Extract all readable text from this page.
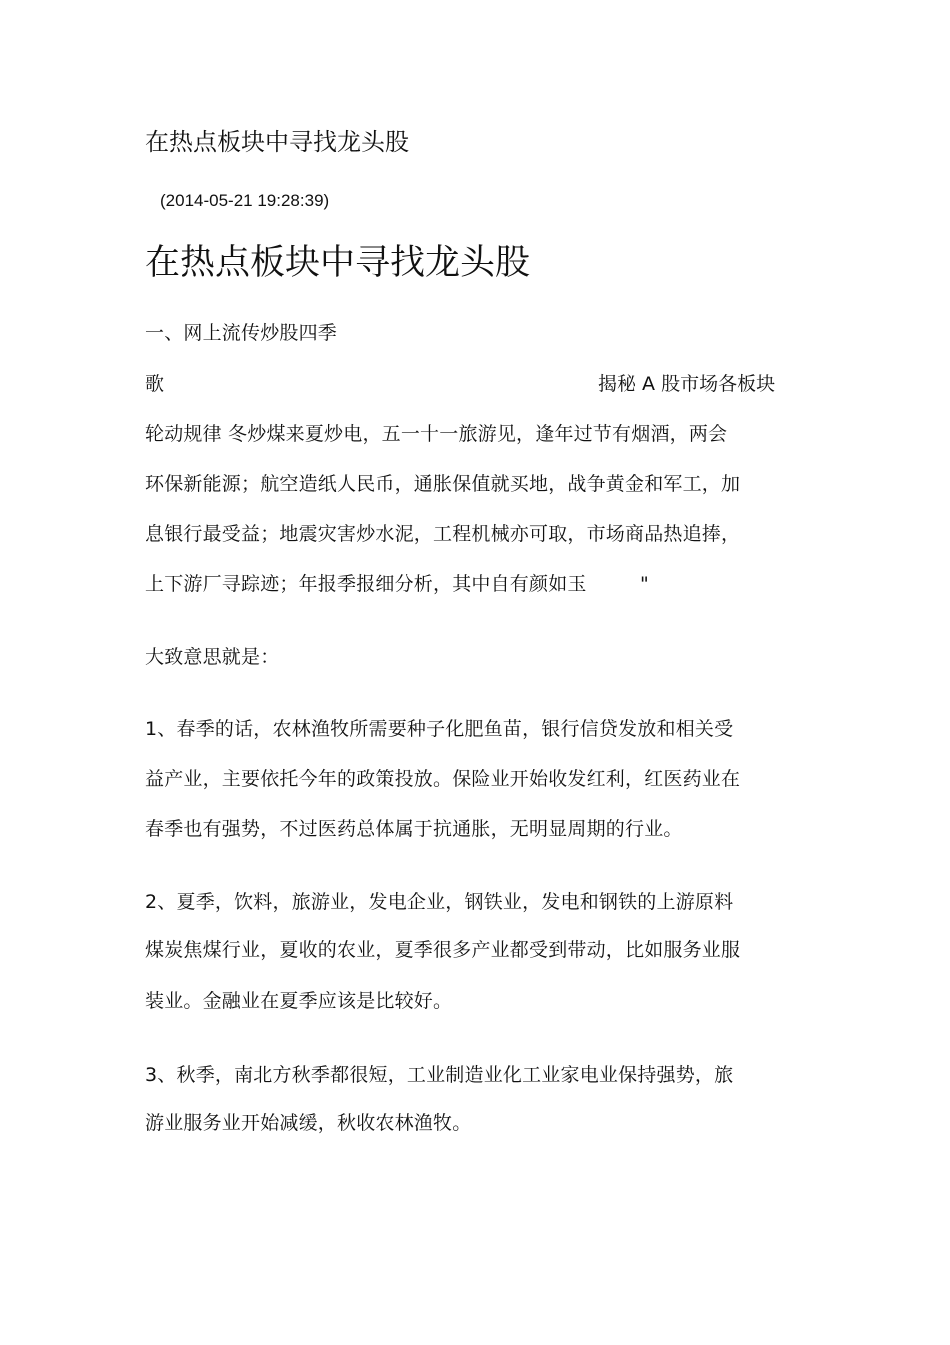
在热点板块中寻找龙头股
(2014-05-21 19:28:39)
在热点板块中寻找龙头股
一、网上流传炒股四季
歌	揭秘 A 股市场各板块
轮动规律 冬炒煤来夏炒电，五一十一旅游见，逢年过节有烟酒，两会
环保新能源；航空造纸人民币，通胀保值就买地，战争黄金和军工，加
息银行最受益；地震灾害炒水泥，工程机械亦可取，市场商品热追捧，
上下游厂寻踪迹；年报季报细分析，其中自有颜如玉	"
大致意思就是：
1、春季的话，农林渔牧所需要种子化肥鱼苗，银行信贷发放和相关受
益产业，主要依托今年的政策投放。保险业开始收发红利，红医药业在
春季也有强势，不过医药总体属于抗通胀，无明显周期的行业。
2、夏季，饮料，旅游业，发电企业，钢铁业，发电和钢铁的上游原料
煤炭焦煤行业，夏收的农业，夏季很多产业都受到带动，比如服务业服
装业。金融业在夏季应该是比较好。
3、秋季，南北方秋季都很短，工业制造业化工业家电业保持强势，旅
游业服务业开始减缓，秋收农林渔牧。
